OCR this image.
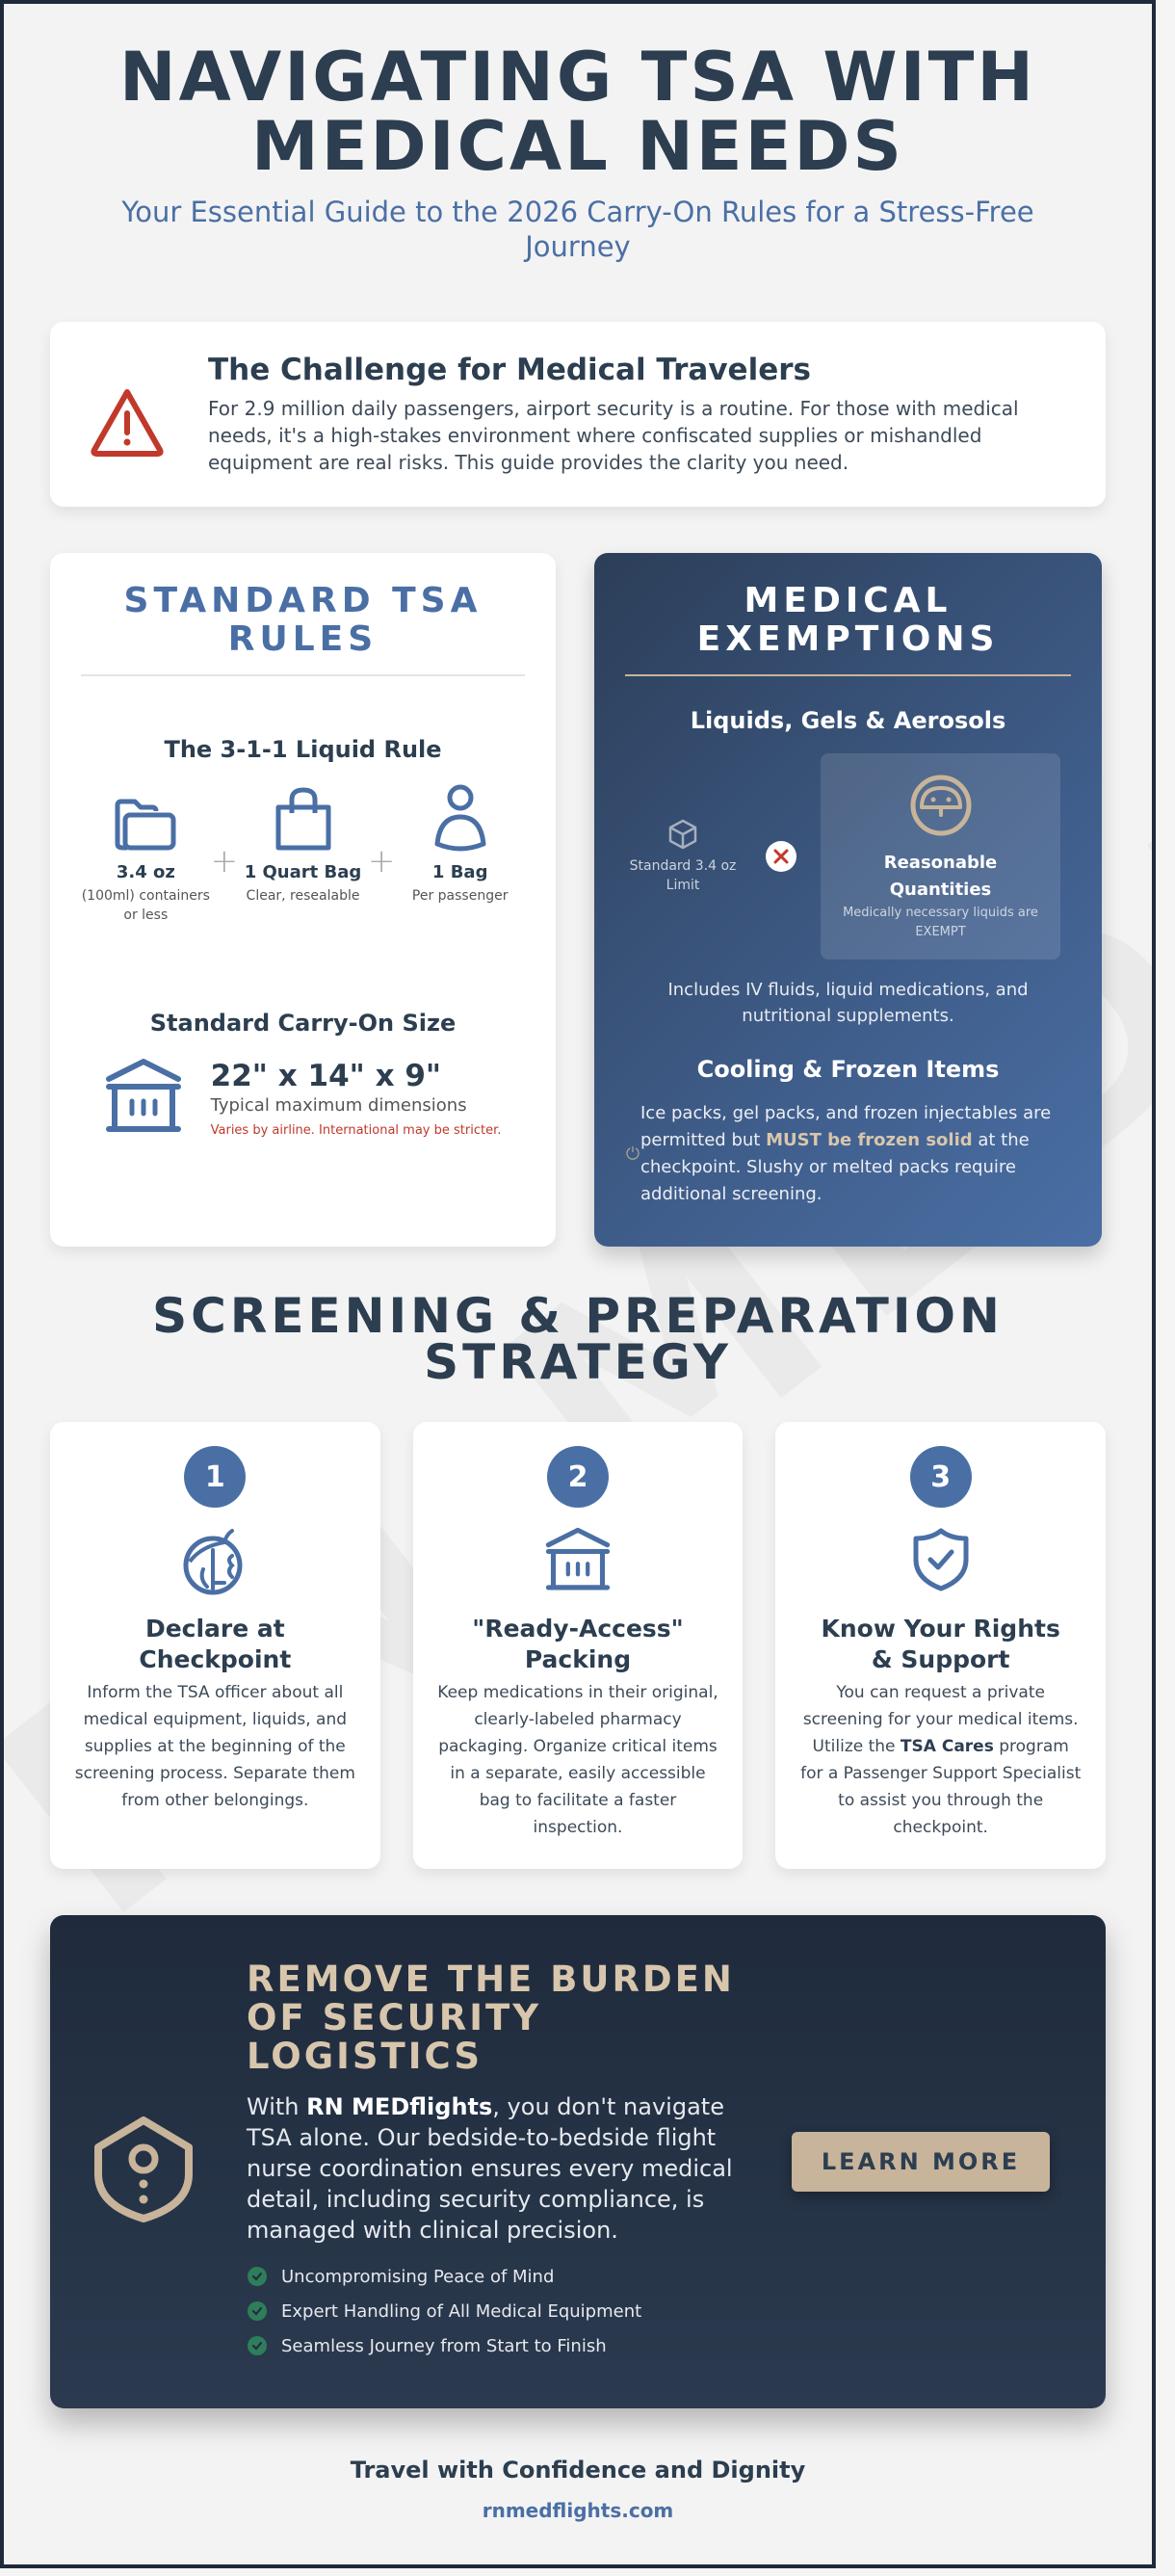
NAVIGATING TSA WITH MEDICAL NEEDS

Your Essential Guide to the 2026 Carry-On Rules for a Stress-Free Journey

The Challenge for Medical Travelers

For 2.9 million daily passengers, airport security is a routine. For those with medical needs, it's a high-stakes environment where confiscated supplies or mishandled equipment are real risks. This guide provides the clarity you need.

STANDARD TSA RULES
The 3-1-1 Liquid Rule
3.4 oz
(100ml) containers or less
+ 1 Quart Bag
Clear, resealable
+	1 Bag
Per passenger
Standard Carry-On Size
22" x 14" x 9"
Typical maximum dimensions
Varies by airline. International may be stricter.
MEDICAL EXEMPTIONS
Liquids, Gels & Aerosols
Standard 3.4 oz Limit
Reasonable Quantities
Medically necessary liquids are EXEMPT

Includes IV fluids, liquid medications, and nutritional supplements.

Cooling & Frozen Items

Ice packs, gel packs, and frozen injectables are permitted but MUST be frozen solid at the checkpoint. Slushy or melted packs require additional screening.

SCREENING & PREPARATION STRATEGY
1
Declare at Checkpoint

Inform the TSA officer about all medical equipment, liquids, and supplies at the beginning of the screening process. Separate them from other belongings.

2
"Ready-Access" Packing

Keep medications in their original, clearly-labeled pharmacy packaging. Organize critical items in a separate, easily accessible bag to facilitate a faster inspection.

3
Know Your Rights & Support

You can request a private screening for your medical items. Utilize the TSA Cares program for a Passenger Support Specialist to assist you through the checkpoint.

REMOVE THE BURDEN OF SECURITY LOGISTICS

With RN MEDflights, you don't navigate TSA alone. Our bedside-to-bedside flight nurse coordination ensures every medical detail, including security compliance, is managed with clinical precision.

Uncompromising Peace of Mind
Expert Handling of All Medical Equipment
Seamless Journey from Start to Finish
LEARN MORE
Travel with Confidence and Dignity
rnmedflights.com
